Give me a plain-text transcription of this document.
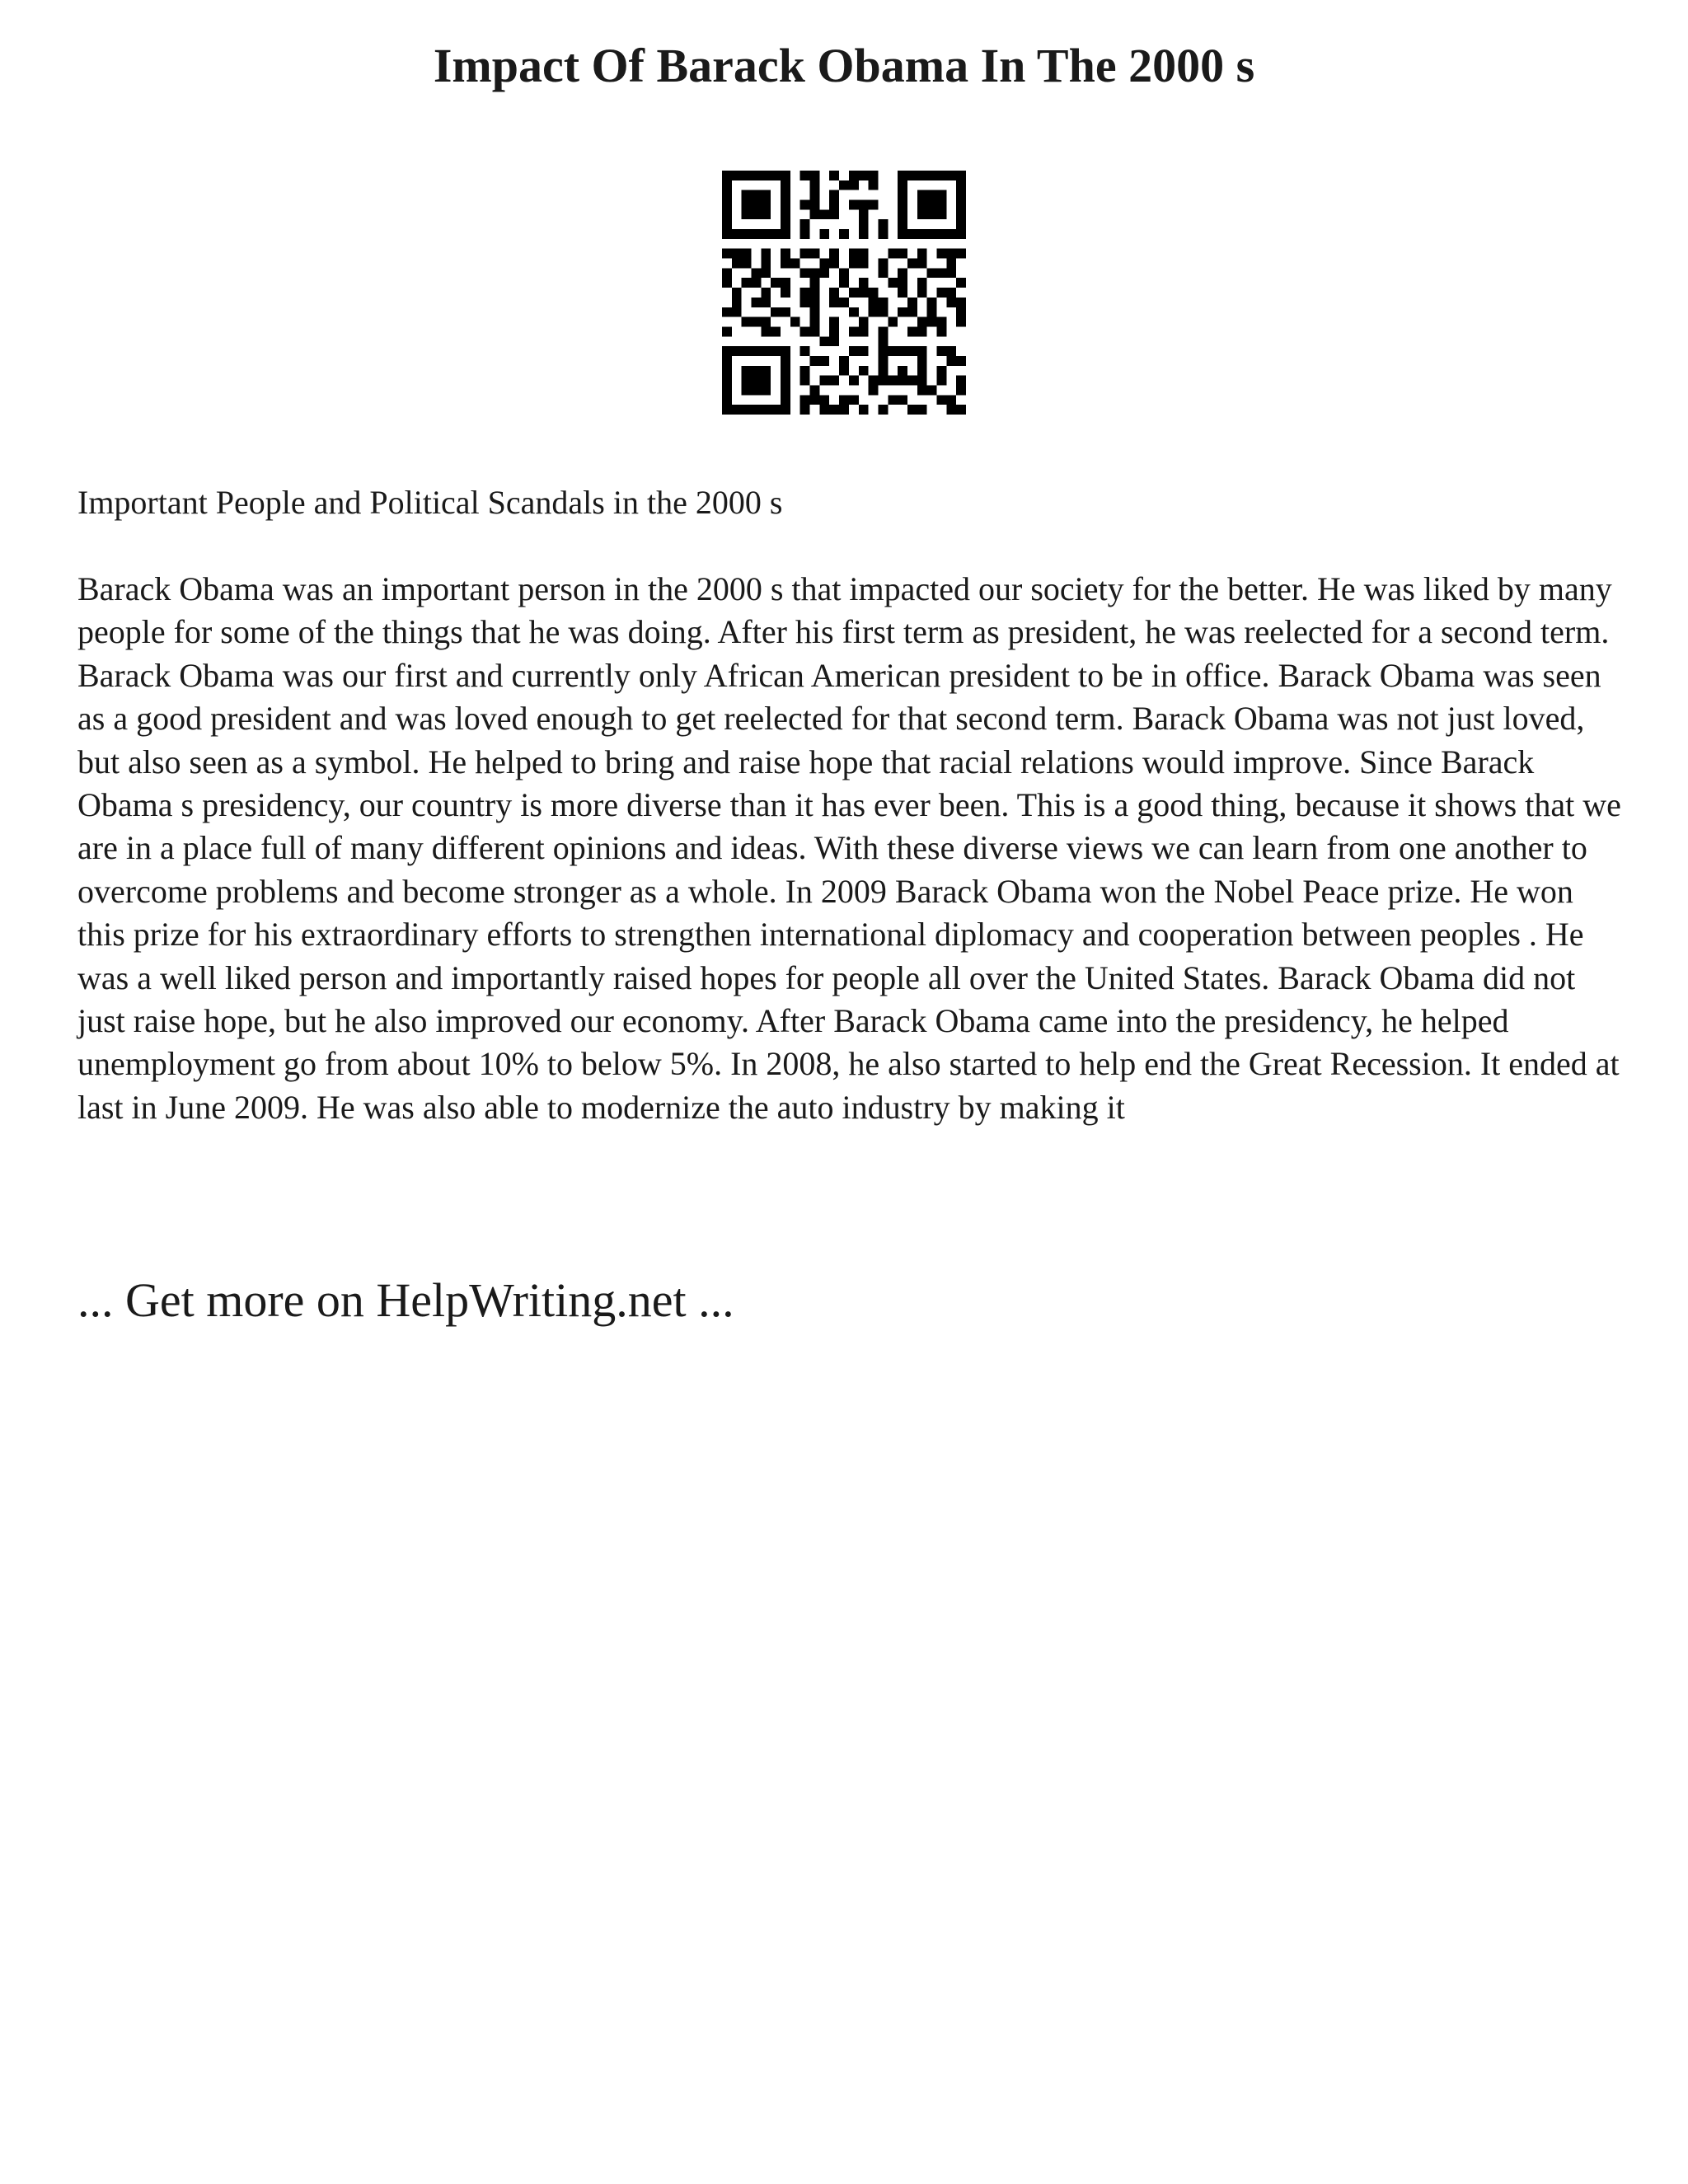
Impact Of Barack Obama In The 2000 s

Important People and Political Scandals in the 2000 s

Barack Obama was an important person in the 2000 s that impacted our society for the better. He was liked by many people for some of the things that he was doing. After his first term as president, he was reelected for a second term. Barack Obama was our first and currently only African American president to be in office. Barack Obama was seen as a good president and was loved enough to get reelected for that second term. Barack Obama was not just loved, but also seen as a symbol. He helped to bring and raise hope that racial relations would improve. Since Barack Obama s presidency, our country is more diverse than it has ever been. This is a good thing, because it shows that we are in a place full of many different opinions and ideas. With these diverse views we can learn from one another to overcome problems and become stronger as a whole. In 2009 Barack Obama won the Nobel Peace prize. He won this prize for his extraordinary efforts to strengthen international diplomacy and cooperation between peoples . He was a well liked person and importantly raised hopes for people all over the United States. Barack Obama did not just raise hope, but he also improved our economy. After Barack Obama came into the presidency, he helped unemployment go from about 10% to below 5%. In 2008, he also started to help end the Great Recession. It ended at last in June 2009. He was also able to modernize the auto industry by making it

... Get more on HelpWriting.net ...
